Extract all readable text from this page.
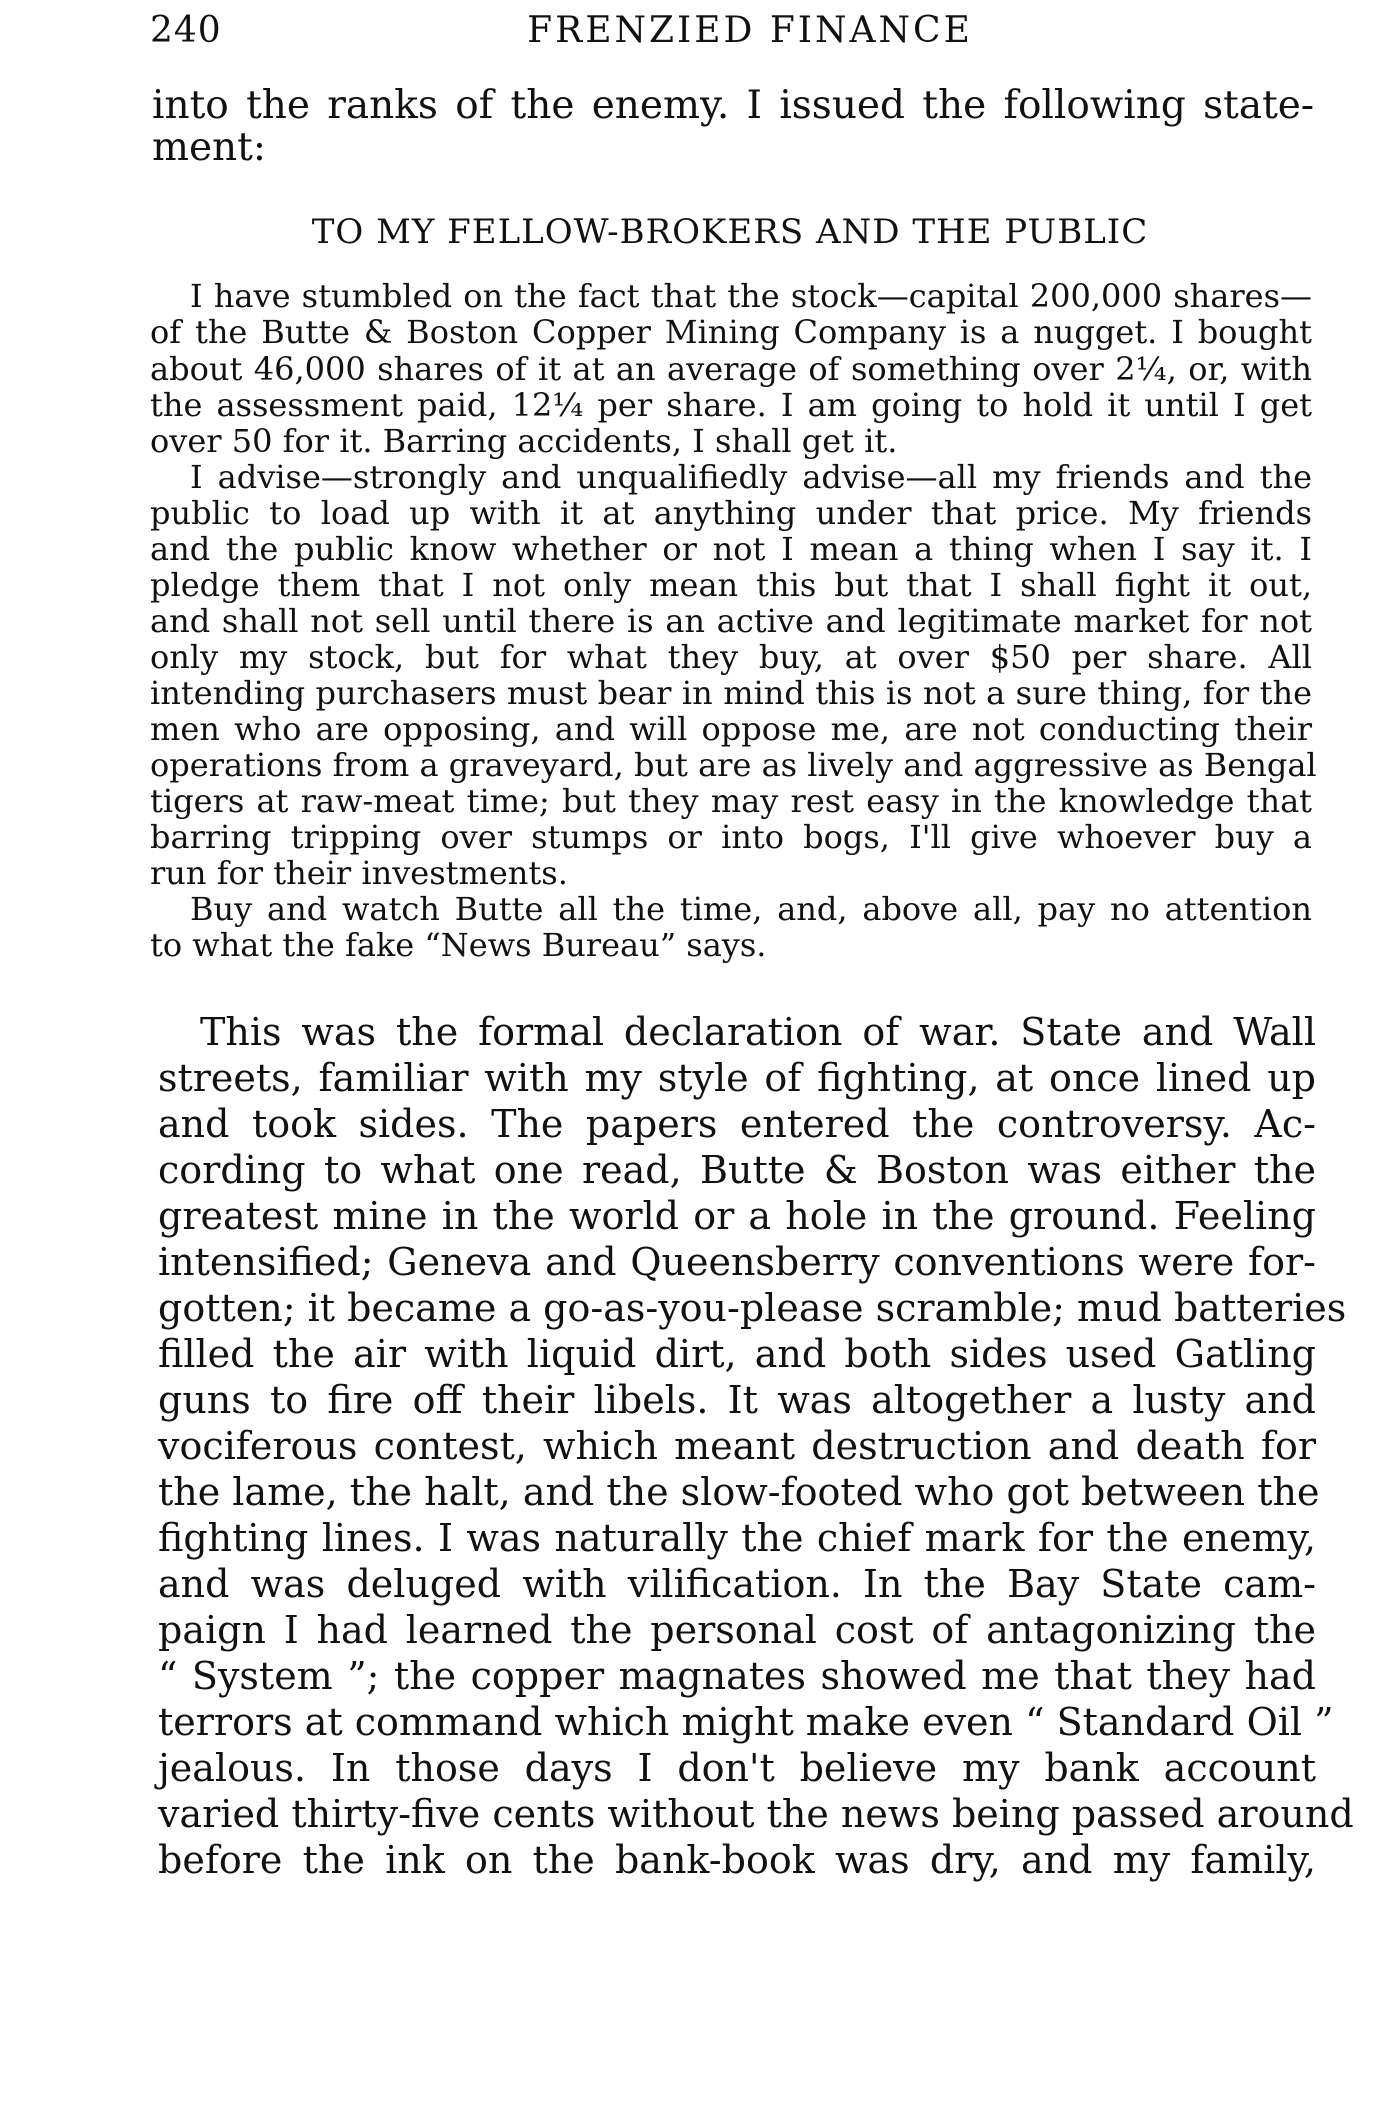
240	FRENZIED FINANCE
into the ranks of the enemy. I issued the following state-
ment:
TO MY FELLOW-BROKERS AND THE PUBLIC
I have stumbled on the fact that the stock—capital 200,000 shares—
of the Butte & Boston Copper Mining Company is a nugget. I bought
about 46,000 shares of it at an average of something over 2¼, or, with
the assessment paid, 12¼ per share. I am going to hold it until I get
over 50 for it. Barring accidents, I shall get it.
I advise—strongly and unqualifiedly advise—all my friends and the
public to load up with it at anything under that price. My friends
and the public know whether or not I mean a thing when I say it. I
pledge them that I not only mean this but that I shall fight it out,
and shall not sell until there is an active and legitimate market for not
only my stock, but for what they buy, at over $50 per share. All
intending purchasers must bear in mind this is not a sure thing, for the
men who are opposing, and will oppose me, are not conducting their
operations from a graveyard, but are as lively and aggressive as Bengal
tigers at raw-meat time; but they may rest easy in the knowledge that
barring tripping over stumps or into bogs, I'll give whoever buy a
run for their investments.
Buy and watch Butte all the time, and, above all, pay no attention
to what the fake “News Bureau” says.
This was the formal declaration of war. State and Wall
streets, familiar with my style of fighting, at once lined up
and took sides. The papers entered the controversy. Ac-
cording to what one read, Butte & Boston was either the
greatest mine in the world or a hole in the ground. Feeling
intensified; Geneva and Queensberry conventions were for-
gotten; it became a go-as-you-please scramble; mud batteries
filled the air with liquid dirt, and both sides used Gatling
guns to fire off their libels. It was altogether a lusty and
vociferous contest, which meant destruction and death for
the lame, the halt, and the slow-footed who got between the
fighting lines. I was naturally the chief mark for the enemy,
and was deluged with vilification. In the Bay State cam-
paign I had learned the personal cost of antagonizing the
“ System ”; the copper magnates showed me that they had
terrors at command which might make even “ Standard Oil ”
jealous. In those days I don't believe my bank account
varied thirty-five cents without the news being passed around
before the ink on the bank-book was dry, and my family,
